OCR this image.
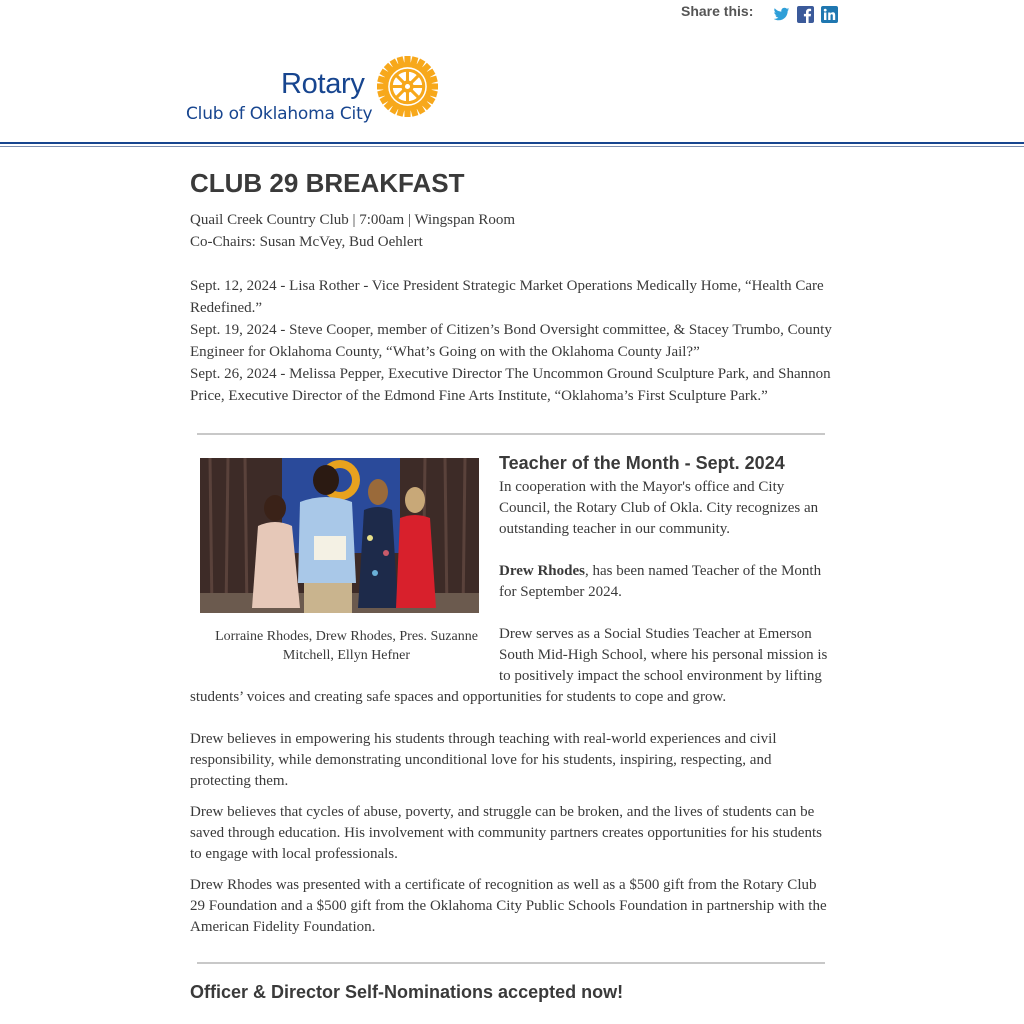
Share this:
Rotary
Club of Oklahoma City
CLUB 29 BREAKFAST

Quail Creek Country Club | 7:00am | Wingspan Room

Co-Chairs: Susan McVey, Bud Oehlert

Sept. 12, 2024 - Lisa Rother - Vice President Strategic Market Operations Medically Home, “Health Care Redefined.”

Sept. 19, 2024 - Steve Cooper, member of Citizen’s Bond Oversight committee, & Stacey Trumbo, County Engineer for Oklahoma County, “What’s Going on with the Oklahoma County Jail?”

Sept. 26, 2024 - Melissa Pepper, Executive Director The Uncommon Ground Sculpture Park, and Shannon Price, Executive Director of the Edmond Fine Arts Institute, “Oklahoma’s First Sculpture Park.”

Lorraine Rhodes, Drew Rhodes, Pres. Suzanne Mitchell, Ellyn Hefner
Teacher of the Month - Sept. 2024

In cooperation with the Mayor's office and City Council, the Rotary Club of Okla. City recognizes an outstanding teacher in our community.

Drew Rhodes, has been named Teacher of the Month for September 2024.

Drew serves as a Social Studies Teacher at Emerson South Mid-High School, where his personal mission is to positively impact the school environment by lifting students’ voices and creating safe spaces and opportunities for students to cope and grow.

Drew believes in empowering his students through teaching with real-world experiences and civil responsibility, while demonstrating unconditional love for his students, inspiring, respecting, and protecting them.

Drew believes that cycles of abuse, poverty, and struggle can be broken, and the lives of students can be saved through education. His involvement with community partners creates opportunities for his students to engage with local professionals.

Drew Rhodes was presented with a certificate of recognition as well as a $500 gift from the Rotary Club 29 Foundation and a $500 gift from the Oklahoma City Public Schools Foundation in partnership with the American Fidelity Foundation.

Officer & Director Self-Nominations accepted now!
